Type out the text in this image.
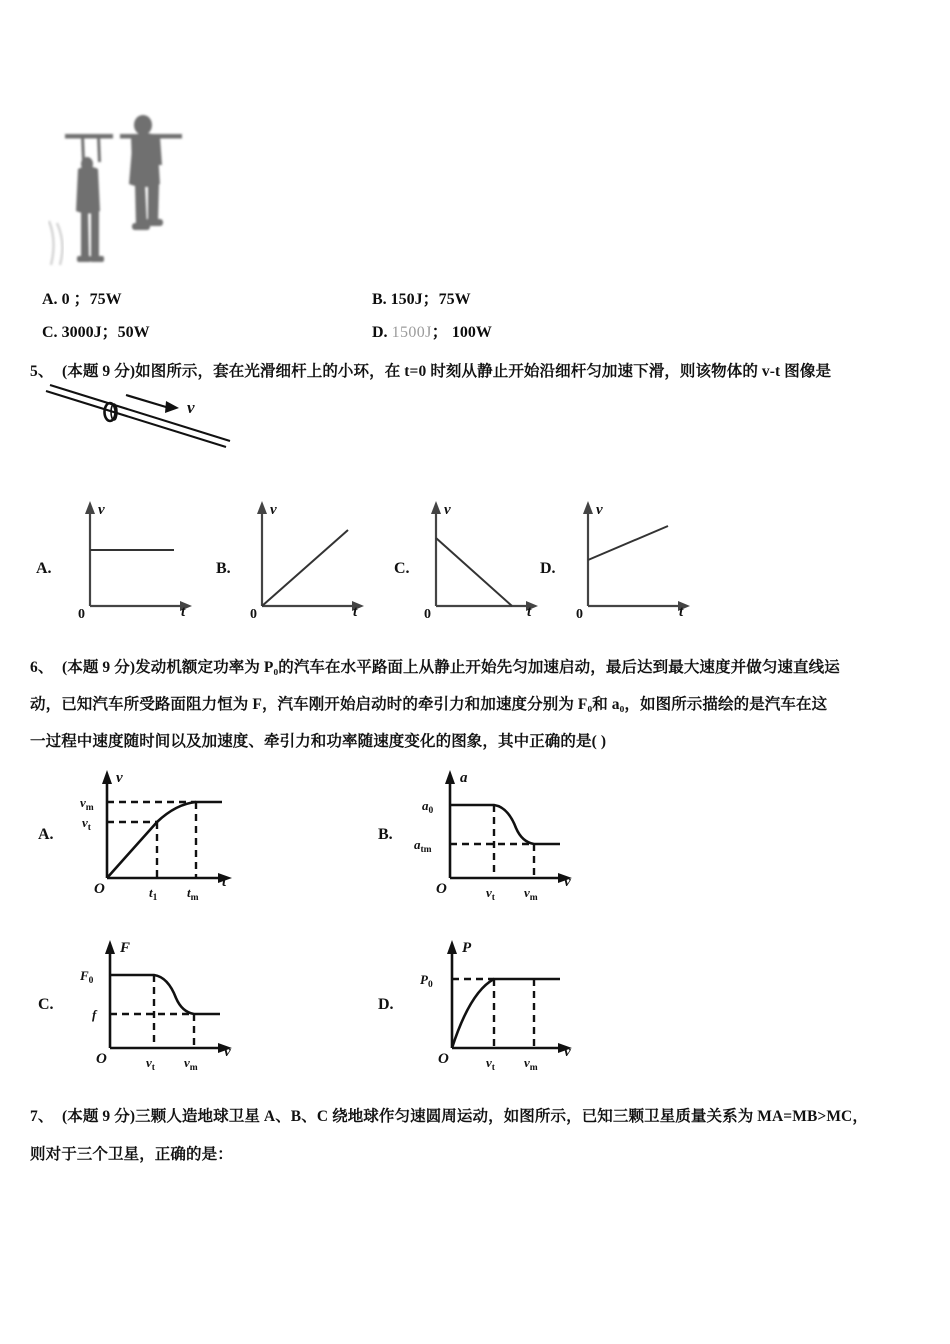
A. 0 ；75W	B. 150J；75W
C. 3000J；50W	D. 1500J； 100W
5、 (本题 9 分)如图所示，套在光滑细杆上的小环，在 t=0 时刻从静止开始沿细杆匀加速下滑，则该物体的 v-t 图像是
v
A.
v
t
0
B.
v
t
0
C.
v
t
0
D.
v
t
0
6、 (本题 9 分)发动机额定功率为 P₀的汽车在水平路面上从静止开始先匀加速启动，最后达到最大速度并做匀速直线运
动，已知汽车所受路面阻力恒为 F，汽车刚开始启动时的牵引力和加速度分别为 F₀和 a₀，如图所示描绘的是汽车在这
一过程中速度随时间以及加速度、牵引力和功率随速度变化的图象，其中正确的是( )
A.
v
t
O
$v_m$
$v_t$
$t_1$ $t_m$
B.
a
v
O
$a_0$
$a_{tm}$
$v_t$ $v_m$
C.
F
v
O
$F_0$
f
$v_t$ $v_m$
D.
P
v
O
$P_0$
$v_t$ $v_m$
7、 (本题 9 分)三颗人造地球卫星 A、B、C 绕地球作匀速圆周运动，如图所示，已知三颗卫星质量关系为 MA=MB>MC，
则对于三个卫星，正确的是：
